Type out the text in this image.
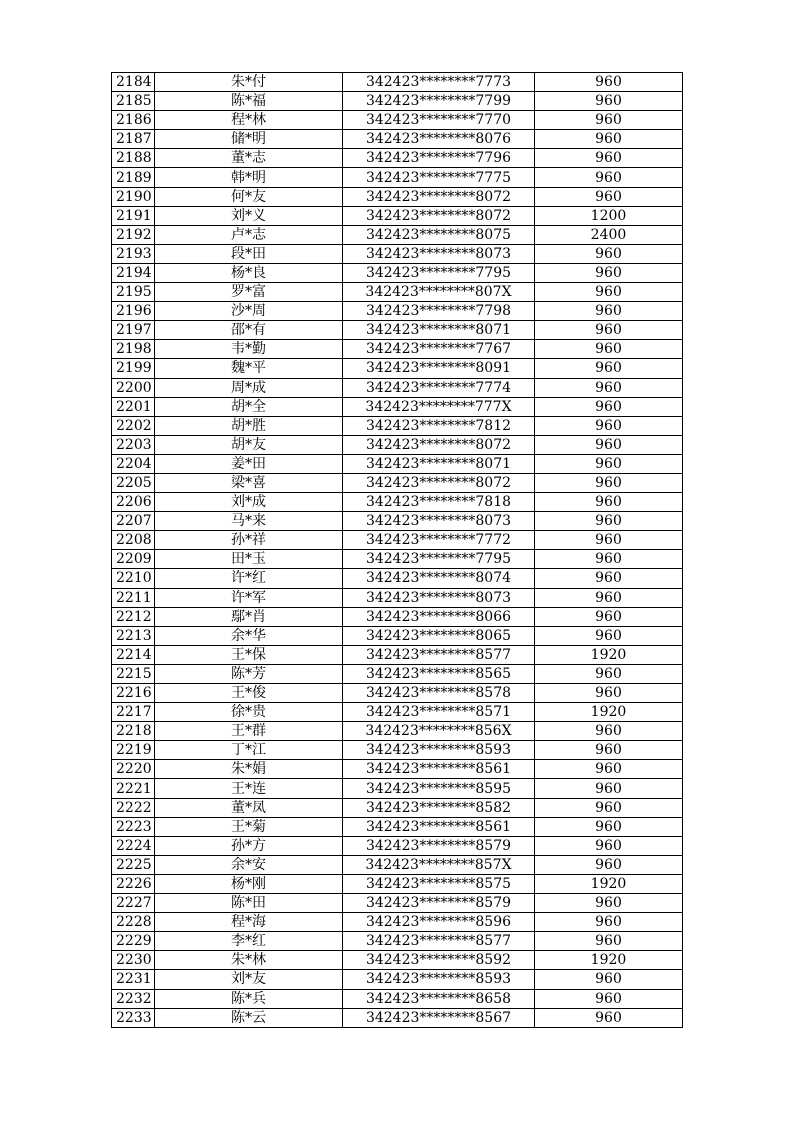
2184	朱*付	342423********7773	960
2185	陈*福	342423********7799	960
2186	程*林	342423********7770	960
2187	储*明	342423********8076	960
2188	董*志	342423********7796	960
2189	韩*明	342423********7775	960
2190	何*友	342423********8072	960
2191	刘*义	342423********8072	1200
2192	卢*志	342423********8075	2400
2193	段*田	342423********8073	960
2194	杨*良	342423********7795	960
2195	罗*富	342423********807X	960
2196	沙*周	342423********7798	960
2197	邵*有	342423********8071	960
2198	韦*勤	342423********7767	960
2199	魏*平	342423********8091	960
2200	周*成	342423********7774	960
2201	胡*全	342423********777X	960
2202	胡*胜	342423********7812	960
2203	胡*友	342423********8072	960
2204	姜*田	342423********8071	960
2205	梁*喜	342423********8072	960
2206	刘*成	342423********7818	960
2207	马*来	342423********8073	960
2208	孙*祥	342423********7772	960
2209	田*玉	342423********7795	960
2210	许*红	342423********8074	960
2211	许*军	342423********8073	960
2212	鄢*肖	342423********8066	960
2213	余*华	342423********8065	960
2214	王*保	342423********8577	1920
2215	陈*芳	342423********8565	960
2216	王*俊	342423********8578	960
2217	徐*贵	342423********8571	1920
2218	王*群	342423********856X	960
2219	丁*江	342423********8593	960
2220	朱*娟	342423********8561	960
2221	王*连	342423********8595	960
2222	董*凤	342423********8582	960
2223	王*菊	342423********8561	960
2224	孙*方	342423********8579	960
2225	余*安	342423********857X	960
2226	杨*刚	342423********8575	1920
2227	陈*田	342423********8579	960
2228	程*海	342423********8596	960
2229	李*红	342423********8577	960
2230	朱*林	342423********8592	1920
2231	刘*友	342423********8593	960
2232	陈*兵	342423********8658	960
2233	陈*云	342423********8567	960
